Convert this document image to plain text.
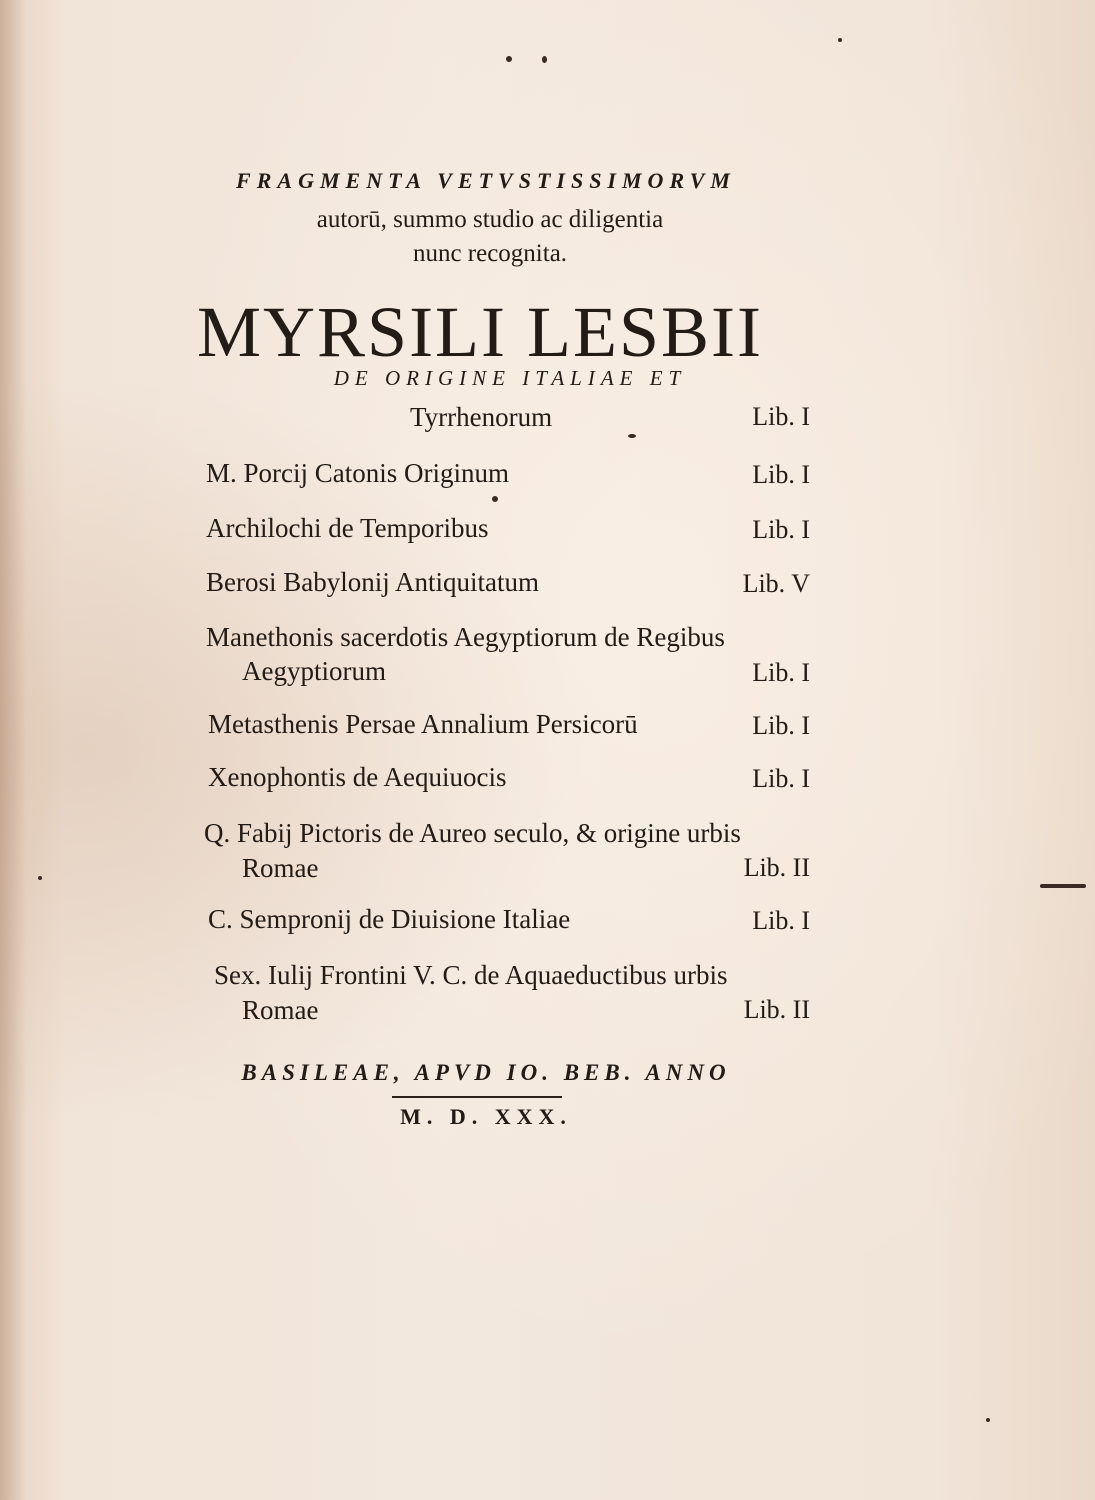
FRAGMENTA VETVSTISSIMORVM
autorū, summo studio ac diligentia
nunc recognita.
MYRSILI LESBII
DE ORIGINE ITALIAE ET
Tyrrhenorum	Lib. I
M. Porcij Catonis Originum	Lib. I
Archilochi de Temporibus	Lib. I
Berosi Babylonij Antiquitatum	Lib. V
Manethonis sacerdotis Aegyptiorum de Regibus
Aegyptiorum	Lib. I
Metasthenis Persae Annalium Persicorū	Lib. I
Xenophontis de Aequiuocis	Lib. I
Q. Fabij Pictoris de Aureo seculo, & origine urbis
Romae	Lib. II
C. Sempronij de Diuisione Italiae	Lib. I
Sex. Iulij Frontini V. C. de Aquaeductibus urbis
Romae	Lib. II
BASILEAE, APVD IO. BEB. ANNO
M. D. XXX.
